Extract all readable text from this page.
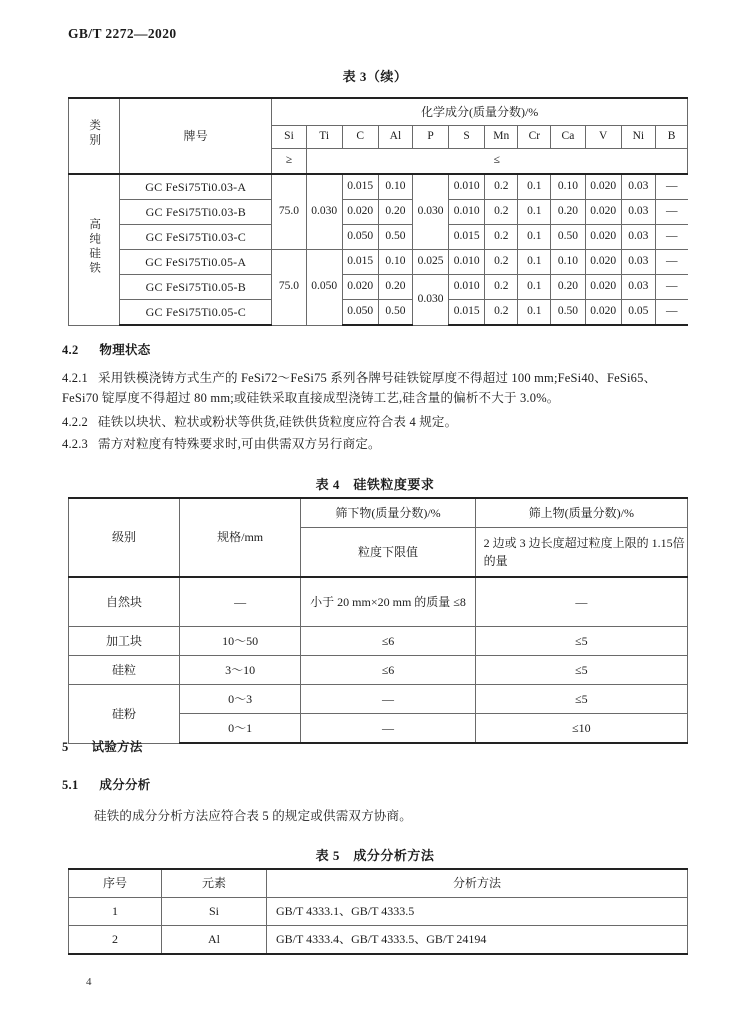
GB/T 2272—2020
表 3（续）
类别	牌号	化学成分(质量分数)/%											
		Si	Ti	C	Al	P	S	Mn	Cr	Ca	V	Ni	B
		≥	≤										
高纯硅铁	GC FeSi75Ti0.03-A	75.0	0.030	0.015	0.10	0.030	0.010	0.2	0.1	0.10	0.020	0.03	—
	GC FeSi75Ti0.03-B			0.020	0.20		0.010	0.2	0.1	0.20	0.020	0.03	—
	GC FeSi75Ti0.03-C			0.050	0.50		0.015	0.2	0.1	0.50	0.020	0.03	—
	GC FeSi75Ti0.05-A	75.0	0.050	0.015	0.10	0.025	0.010	0.2	0.1	0.10	0.020	0.03	—
	GC FeSi75Ti0.05-B			0.020	0.20	0.030	0.010	0.2	0.1	0.20	0.020	0.03	—
	GC FeSi75Ti0.05-C			0.050	0.50		0.015	0.2	0.1	0.50	0.020	0.05	—
4.2 物理状态
4.2.1 采用铁模浇铸方式生产的 FeSi72～FeSi75 系列各牌号硅铁锭厚度不得超过 100 mm;FeSi40、FeSi65、FeSi70 锭厚度不得超过 80 mm;或硅铁采取直接成型浇铸工艺,硅含量的偏析不大于 3.0%。
4.2.2 硅铁以块状、粒状或粉状等供货,硅铁供货粒度应符合表 4 规定。
4.2.3 需方对粒度有特殊要求时,可由供需双方另行商定。
表 4　硅铁粒度要求
级别	规格/mm	筛下物(质量分数)/%	筛上物(质量分数)/%
		粒度下限值	2 边或 3 边长度超过粒度上限的 1.15倍的量
自然块	—	小于 20 mm×20 mm 的质量 ≤8	—
加工块	10～50	≤6	≤5
硅粒	3～10	≤6	≤5
硅粉	0～3	—	≤5
	0～1	—	≤10
5 试验方法
5.1 成分分析
硅铁的成分分析方法应符合表 5 的规定或供需双方协商。
表 5　成分分析方法
序号	元素	分析方法
1	Si	GB/T 4333.1、GB/T 4333.5
2	Al	GB/T 4333.4、GB/T 4333.5、GB/T 24194
4
